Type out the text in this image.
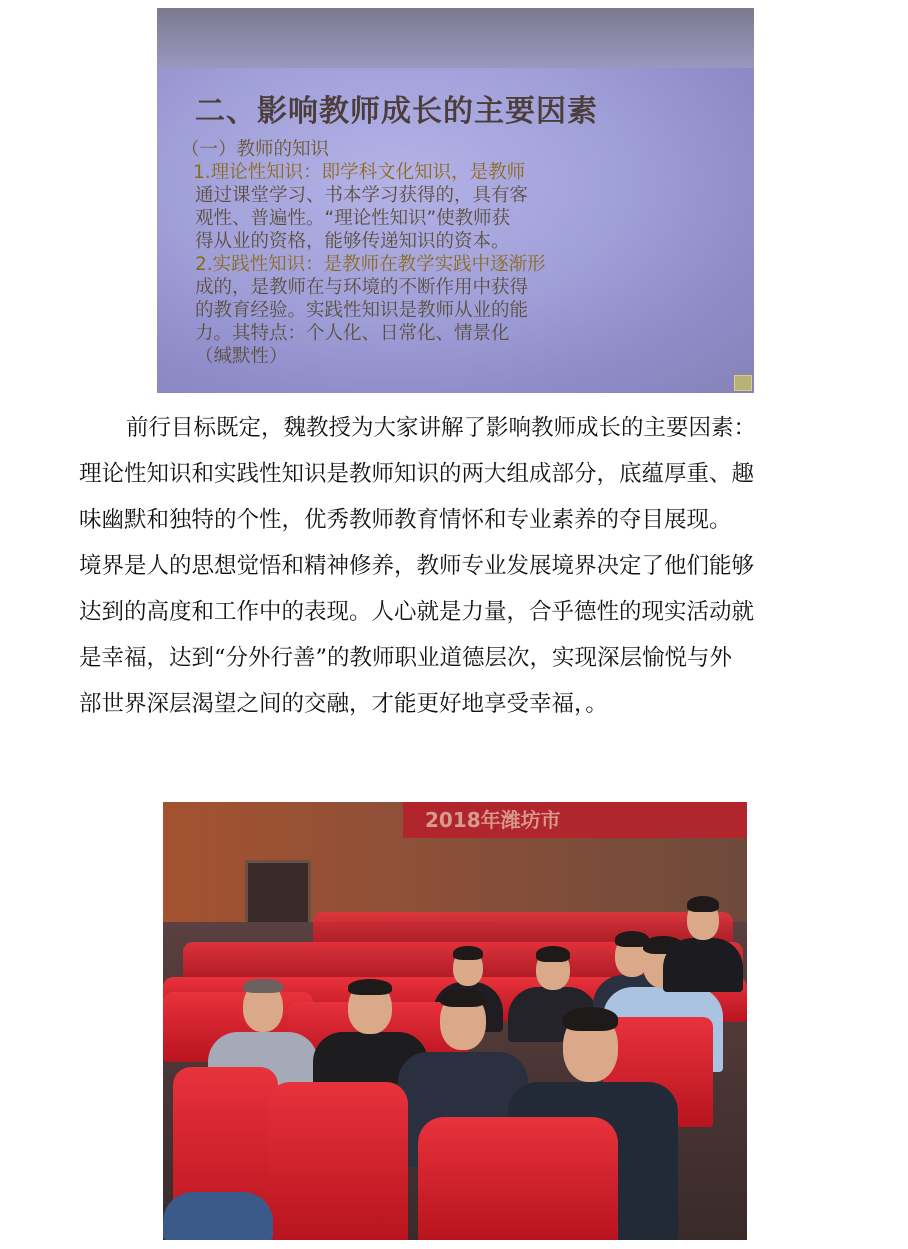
二、影响教师成长的主要因素

（一）教师的知识

1.理论性知识：即学科文化知识，是教师

通过课堂学习、书本学习获得的，具有客

观性、普遍性。“理论性知识”使教师获

得从业的资格，能够传递知识的资本。

2.实践性知识：是教师在教学实践中逐渐形

成的，是教师在与环境的不断作用中获得

的教育经验。实践性知识是教师从业的能

力。其特点：个人化、日常化、情景化

（缄默性）

前行目标既定，魏教授为大家讲解了影响教师成长的主要因素：
理论性知识和实践性知识是教师知识的两大组成部分，底蕴厚重、趣
味幽默和独特的个性，优秀教师教育情怀和专业素养的夺目展现。
境界是人的思想觉悟和精神修养，教师专业发展境界决定了他们能够
达到的高度和工作中的表现。人心就是力量，合乎德性的现实活动就
是幸福，达到“分外行善”的教师职业道德层次，实现深层愉悦与外
部世界深层渴望之间的交融，才能更好地享受幸福，。

2018年潍坊市
